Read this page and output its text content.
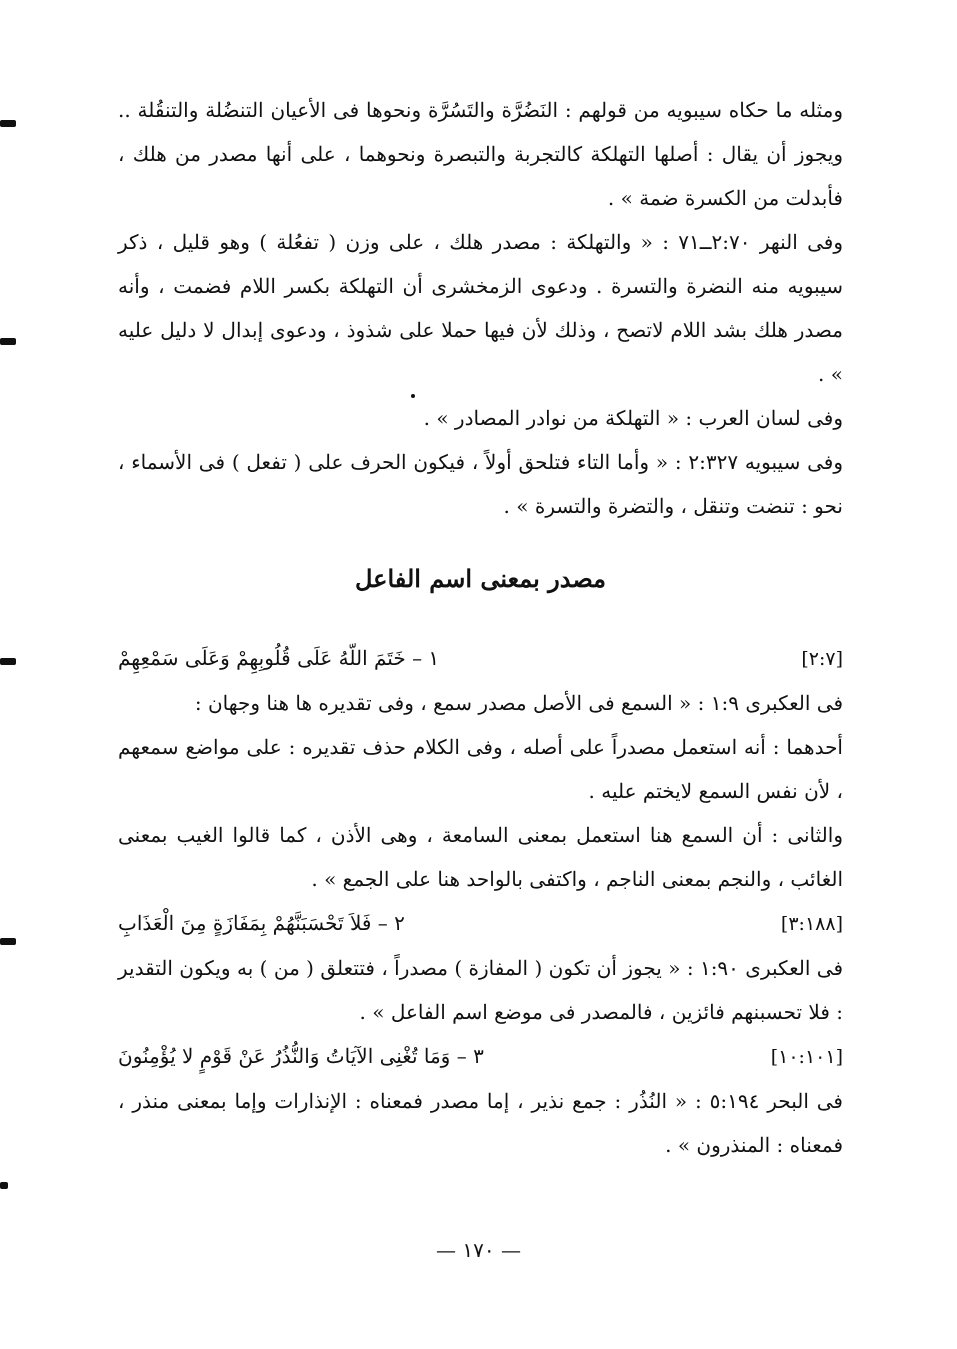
ومثله ما حكاه سيبويه من قولهم : النَضُرَّة والتَسُرَّة ونحوها فى الأعيان التنضُلة والتنقُلة .. ويجوز أن يقال : أصلها التهلكة كالتجربة والتبصرة ونحوهما ، على أنها مصدر من هلك ، فأبدلت من الكسرة ضمة » .

وفى النهر ٢:٧٠ــ٧١ : « والتهلكة : مصدر هلك ، على وزن ( تفعُلة ) وهو قليل ، ذكر سيبويه منه النضرة والتسرة . ودعوى الزمخشرى أن التهلكة بكسر اللام فضمت ، وأنه مصدر هلك بشد اللام لاتصح ، وذلك لأن فيها حملا على شذوذ ، ودعوى إبدال لا دليل عليه » .

وفى لسان العرب : « التهلكة من نوادر المصادر » .

وفى سيبويه ٢:٣٢٧ : « وأما التاء فتلحق أولاً ، فيكون الحرف على ( تفعل ) فى الأسماء ، نحو : تنضت وتنقل ، والتضرة والتسرة » .

مصدر بمعنى اسم الفاعل
١ – خَتَمَ اللّهُ عَلَى قُلُوبِهِمْ وَعَلَى سَمْعِهِمْ	[٢:٧]

فى العكبرى ١:٩ : « السمع فى الأصل مصدر سمع ، وفى تقديره ها هنا وجهان :

أحدهما : أنه استعمل مصدراً على أصله ، وفى الكلام حذف تقديره : على مواضع سمعهم ، لأن نفس السمع لايختم عليه .

والثانى : أن السمع هنا استعمل بمعنى السامعة ، وهى الأذن ، كما قالوا الغيب بمعنى الغائب ، والنجم بمعنى الناجم ، واكتفى بالواحد هنا على الجمع » .

٢ – فَلاَ تَحْسَبَنَّهُمْ بِمَفَازَةٍ مِنَ الْعَذَابِ	[٣:١٨٨]

فى العكبرى ١:٩٠ : « يجوز أن تكون ( المفازة ) مصدراً ، فتتعلق ( من ) به ويكون التقدير : فلا تحسبنهم فائزين ، فالمصدر فى موضع اسم الفاعل » .

٣ – وَمَا تُغْنِى الآيَاتُ وَالنُّذُرُ عَنْ قَوْمٍ لا يُؤْمِنُونَ	[١٠:١٠١]

فى البحر ٥:١٩٤ : « النُذُر : جمع نذير ، إما مصدر فمعناه : الإنذارات وإما بمعنى منذر ، فمعناه : المنذرون » .

— ١٧٠ —
